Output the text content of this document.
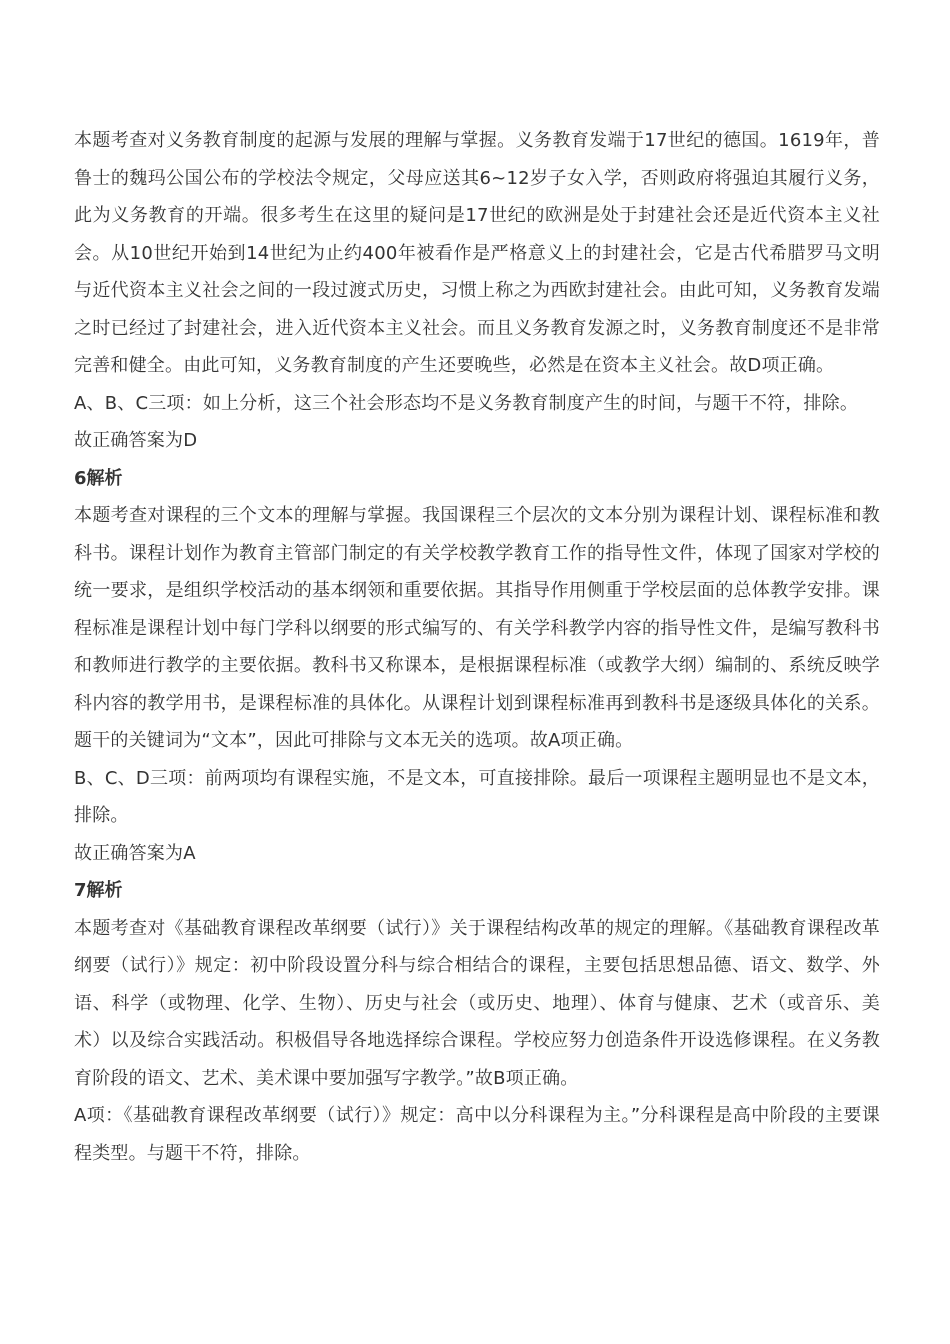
本题考查对义务教育制度的起源与发展的理解与掌握。义务教育发端于17世纪的德国。1619年，普鲁士的魏玛公国公布的学校法令规定，父母应送其6~12岁子女入学，否则政府将强迫其履行义务，此为义务教育的开端。很多考生在这里的疑问是17世纪的欧洲是处于封建社会还是近代资本主义社会。从10世纪开始到14世纪为止约400年被看作是严格意义上的封建社会，它是古代希腊罗马文明与近代资本主义社会之间的一段过渡式历史，习惯上称之为西欧封建社会。由此可知，义务教育发端之时已经过了封建社会，进入近代资本主义社会。而且义务教育发源之时，义务教育制度还不是非常完善和健全。由此可知，义务教育制度的产生还要晚些，必然是在资本主义社会。故D项正确。

A、B、C三项：如上分析，这三个社会形态均不是义务教育制度产生的时间，与题干不符，排除。

故正确答案为D

6解析

本题考查对课程的三个文本的理解与掌握。我国课程三个层次的文本分别为课程计划、课程标准和教科书。课程计划作为教育主管部门制定的有关学校教学教育工作的指导性文件，体现了国家对学校的统一要求，是组织学校活动的基本纲领和重要依据。其指导作用侧重于学校层面的总体教学安排。课程标准是课程计划中每门学科以纲要的形式编写的、有关学科教学内容的指导性文件，是编写教科书和教师进行教学的主要依据。教科书又称课本，是根据课程标准（或教学大纲）编制的、系统反映学科内容的教学用书，是课程标准的具体化。从课程计划到课程标准再到教科书是逐级具体化的关系。题干的关键词为“文本”，因此可排除与文本无关的选项。故A项正确。

B、C、D三项：前两项均有课程实施，不是文本，可直接排除。最后一项课程主题明显也不是文本，排除。

故正确答案为A

7解析

本题考查对《基础教育课程改革纲要（试行）》关于课程结构改革的规定的理解。《基础教育课程改革纲要（试行）》规定：初中阶段设置分科与综合相结合的课程，主要包括思想品德、语文、数学、外语、科学（或物理、化学、生物）、历史与社会（或历史、地理）、体育与健康、艺术（或音乐、美术）以及综合实践活动。积极倡导各地选择综合课程。学校应努力创造条件开设选修课程。在义务教育阶段的语文、艺术、美术课中要加强写字教学。”故B项正确。

A项：《基础教育课程改革纲要（试行）》规定：高中以分科课程为主。”分科课程是高中阶段的主要课程类型。与题干不符，排除。
